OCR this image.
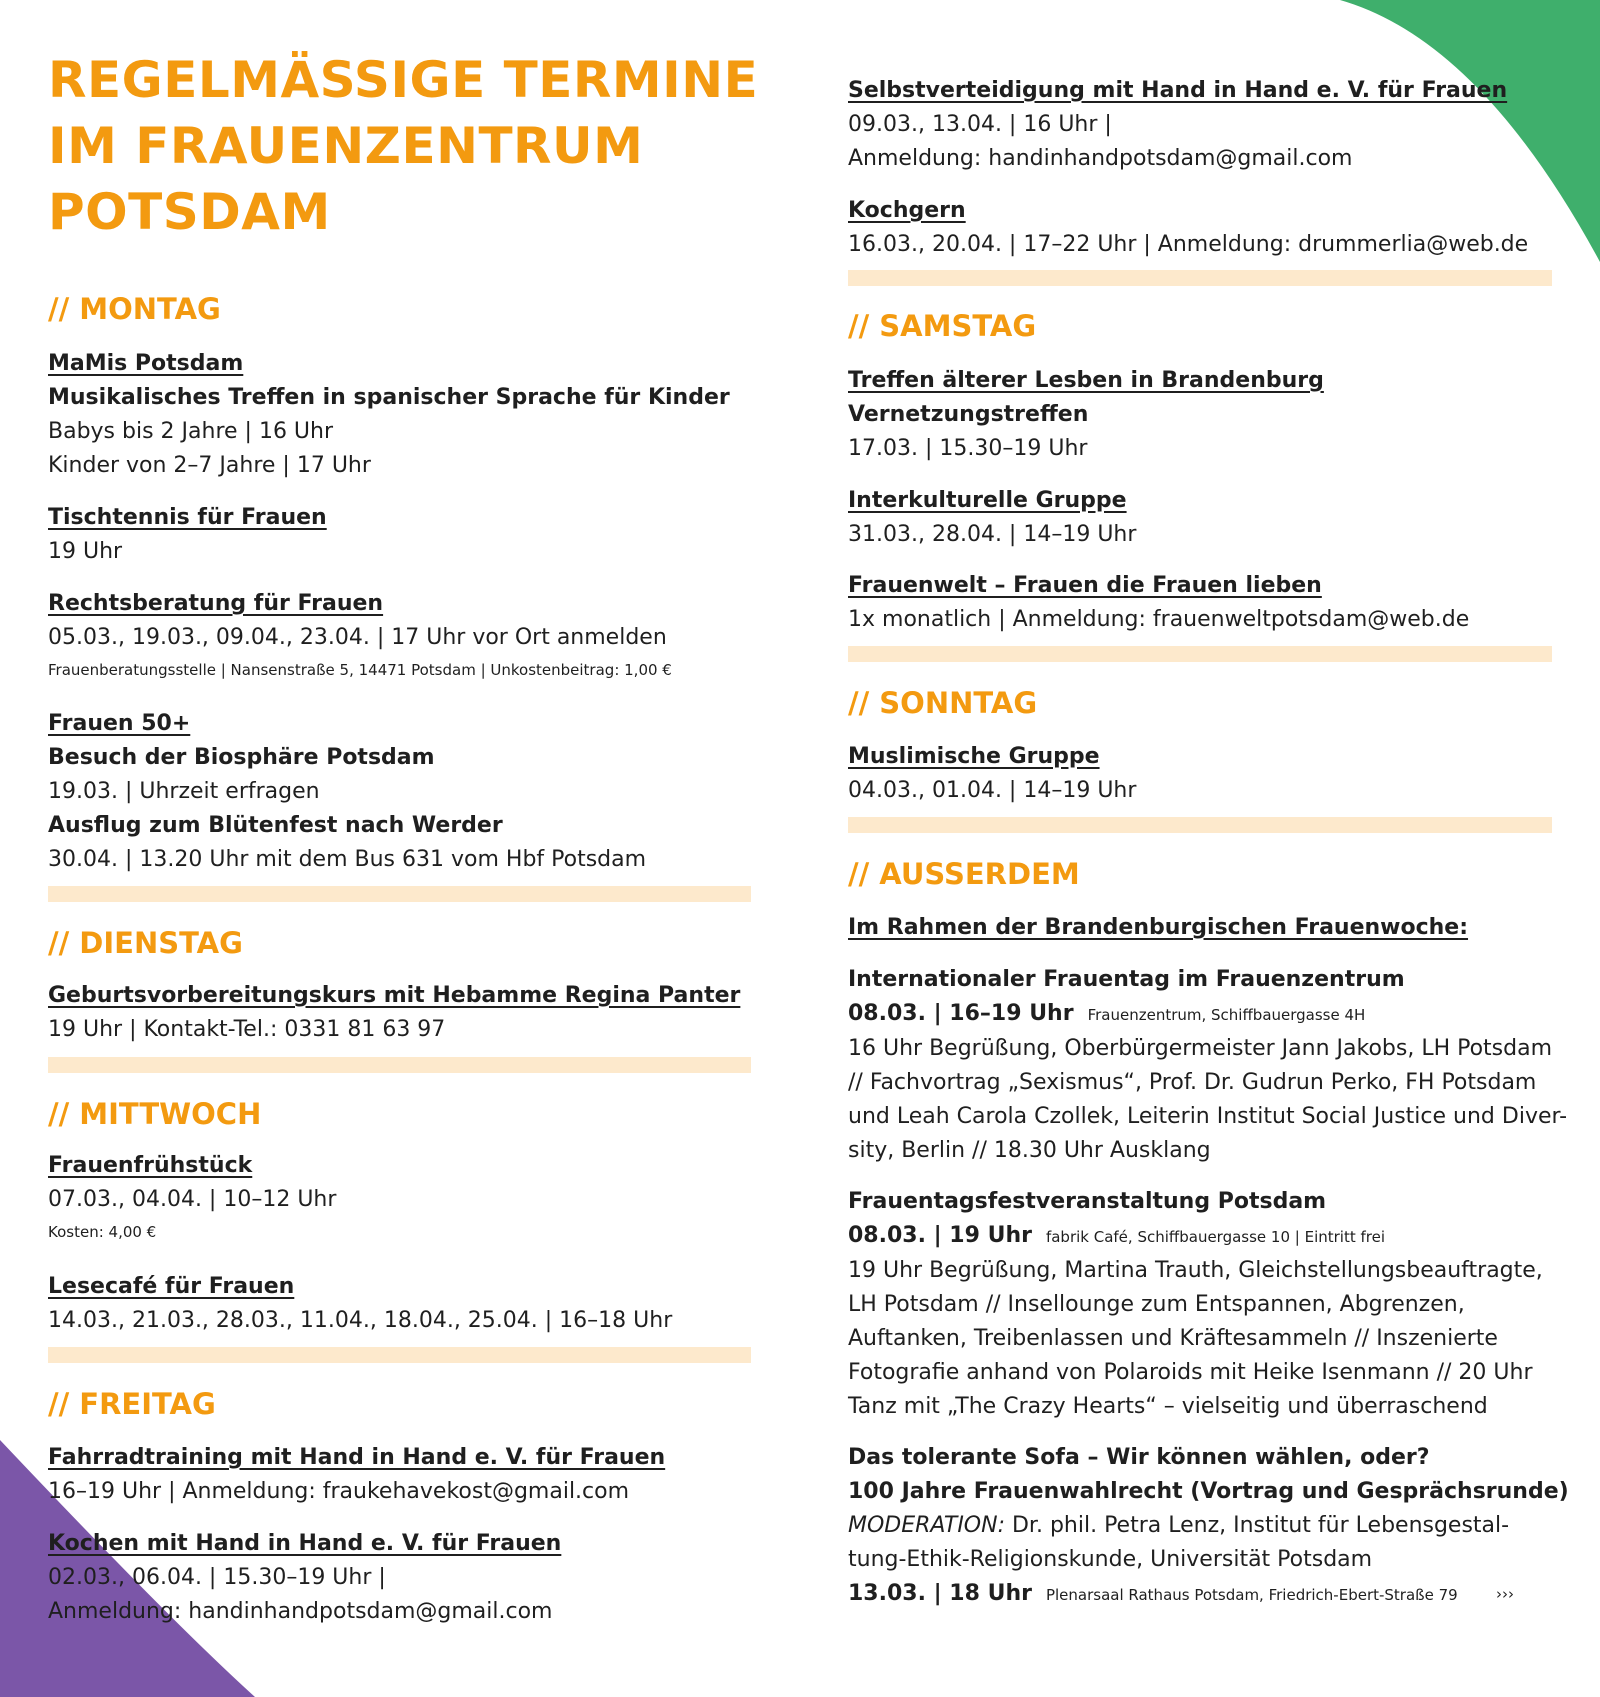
REGELMÄSSIGE TERMINE
IM FRAUENZENTRUM
POTSDAM

// MONTAG

MaMis Potsdam

Musikalisches Treffen in spanischer Sprache für Kinder

Babys bis 2 Jahre | 16 Uhr

Kinder von 2–7 Jahre | 17 Uhr

Tischtennis für Frauen

19 Uhr

Rechtsberatung für Frauen

05.03., 19.03., 09.04., 23.04. | 17 Uhr vor Ort anmelden

Frauenberatungsstelle | Nansenstraße 5, 14471 Potsdam | Unkostenbeitrag: 1,00 €

Frauen 50+

Besuch der Biosphäre Potsdam

19.03. | Uhrzeit erfragen

Ausflug zum Blütenfest nach Werder

30.04. | 13.20 Uhr mit dem Bus 631 vom Hbf Potsdam

// DIENSTAG

Geburtsvorbereitungskurs mit Hebamme Regina Panter

19 Uhr | Kontakt-Tel.: 0331 81 63 97

// MITTWOCH

Frauenfrühstück

07.03., 04.04. | 10–12 Uhr

Kosten: 4,00 €

Lesecafé für Frauen

14.03., 21.03., 28.03., 11.04., 18.04., 25.04. | 16–18 Uhr

// FREITAG

Fahrradtraining mit Hand in Hand e. V. für Frauen

16–19 Uhr | Anmeldung: fraukehavekost@gmail.com

Kochen mit Hand in Hand e. V. für Frauen

02.03., 06.04. | 15.30–19 Uhr |

Anmeldung: handinhandpotsdam@gmail.com

Selbstverteidigung mit Hand in Hand e. V. für Frauen

09.03., 13.04. | 16 Uhr |

Anmeldung: handinhandpotsdam@gmail.com

Kochgern

16.03., 20.04. | 17–22 Uhr | Anmeldung: drummerlia@web.de

// SAMSTAG

Treffen älterer Lesben in Brandenburg

Vernetzungstreffen

17.03. | 15.30–19 Uhr

Interkulturelle Gruppe

31.03., 28.04. | 14–19 Uhr

Frauenwelt – Frauen die Frauen lieben

1x monatlich | Anmeldung: frauenweltpotsdam@web.de

// SONNTAG

Muslimische Gruppe

04.03., 01.04. | 14–19 Uhr

// AUSSERDEM

Im Rahmen der Brandenburgischen Frauenwoche:

Internationaler Frauentag im Frauenzentrum

08.03. | 16–19 Uhr Frauenzentrum, Schiffbauergasse 4H

16 Uhr Begrüßung, Oberbürgermeister Jann Jakobs, LH Potsdam

// Fachvortrag „Sexismus“, Prof. Dr. Gudrun Perko, FH Potsdam

und Leah Carola Czollek, Leiterin Institut Social Justice und Diver-

sity, Berlin // 18.30 Uhr Ausklang

Frauentagsfestveranstaltung Potsdam

08.03. | 19 Uhr fabrik Café, Schiffbauergasse 10 | Eintritt frei

19 Uhr Begrüßung, Martina Trauth, Gleichstellungsbeauftragte,

LH Potsdam // Insellounge zum Entspannen, Abgrenzen,

Auftanken, Treibenlassen und Kräftesammeln // Inszenierte

Fotografie anhand von Polaroids mit Heike Isenmann // 20 Uhr

Tanz mit „The Crazy Hearts“ – vielseitig und überraschend

Das tolerante Sofa – Wir können wählen, oder?

100 Jahre Frauenwahlrecht (Vortrag und Gesprächsrunde)

MODERATION: Dr. phil. Petra Lenz, Institut für Lebensgestal-

tung-Ethik-Religionskunde, Universität Potsdam

13.03. | 18 Uhr Plenarsaal Rathaus Potsdam, Friedrich-Ebert-Straße 79	›››
